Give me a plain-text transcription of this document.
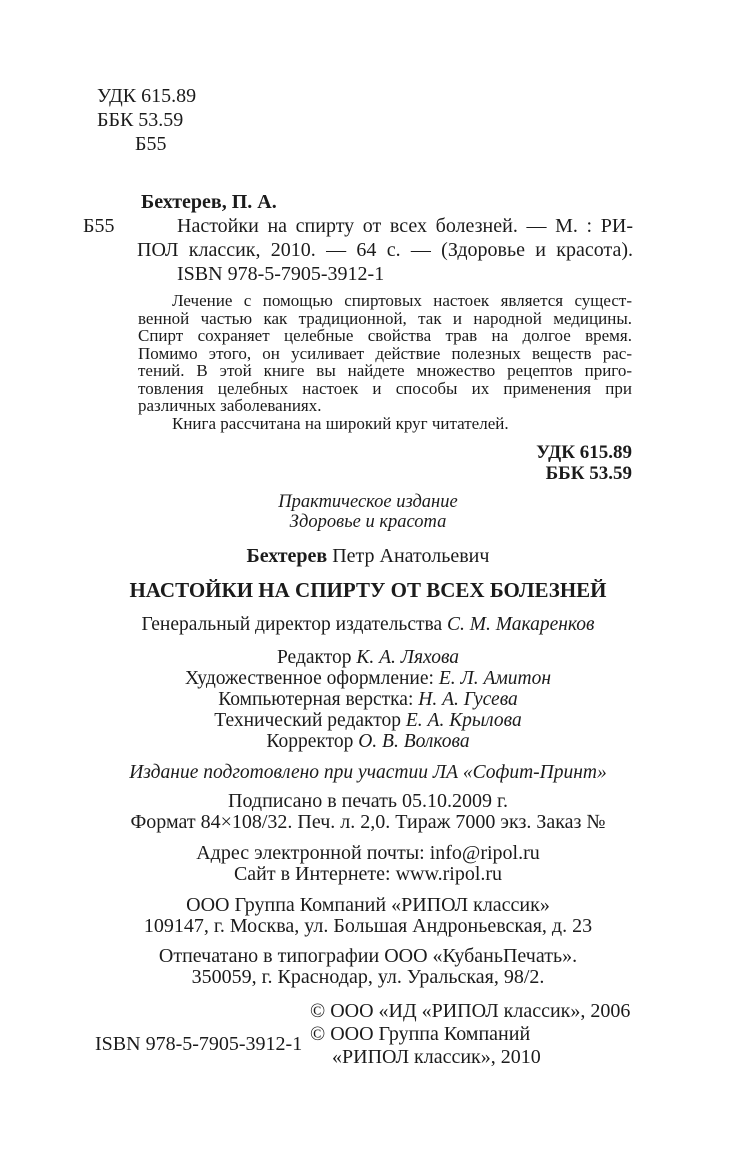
УДК 615.89
ББК 53.59
Б55
Бехтерев, П. А.
Б55	Настойки на спирту от всех болезней. — М. : РИ-
ПОЛ классик, 2010. — 64 с. — (Здоровье и красота).
ISBN 978-5-7905-3912-1
Лечение с помощью спиртовых настоек является сущест-
венной частью как традиционной, так и народной медицины.
Спирт сохраняет целебные свойства трав на долгое время.
Помимо этого, он усиливает действие полезных веществ рас-
тений. В этой книге вы найдете множество рецептов приго-
товления целебных настоек и способы их применения при
различных заболеваниях.
Книга рассчитана на широкий круг читателей.
УДК 615.89
ББК 53.59
Практическое издание
Здоровье и красота
Бехтерев Петр Анатольевич
НАСТОЙКИ НА СПИРТУ ОТ ВСЕХ БОЛЕЗНЕЙ
Генеральный директор издательства С. М. Макаренков
Редактор К. А. Ляхова
Художественное оформление: Е. Л. Амитон
Компьютерная верстка: Н. А. Гусева
Технический редактор Е. А. Крылова
Корректор О. В. Волкова
Издание подготовлено при участии ЛА «Софит-Принт»
Подписано в печать 05.10.2009 г.
Формат 84×108/32. Печ. л. 2,0. Тираж 7000 экз. Заказ №
Адрес электронной почты: info@ripol.ru
Сайт в Интернете: www.ripol.ru
ООО Группа Компаний «РИПОЛ классик»
109147, г. Москва, ул. Большая Андроньевская, д. 23
Отпечатано в типографии ООО «КубаньПечать».
350059, г. Краснодар, ул. Уральская, 98/2.
© ООО «ИД «РИПОЛ классик», 2006
© ООО Группа Компаний
«РИПОЛ классик», 2010
ISBN 978-5-7905-3912-1
